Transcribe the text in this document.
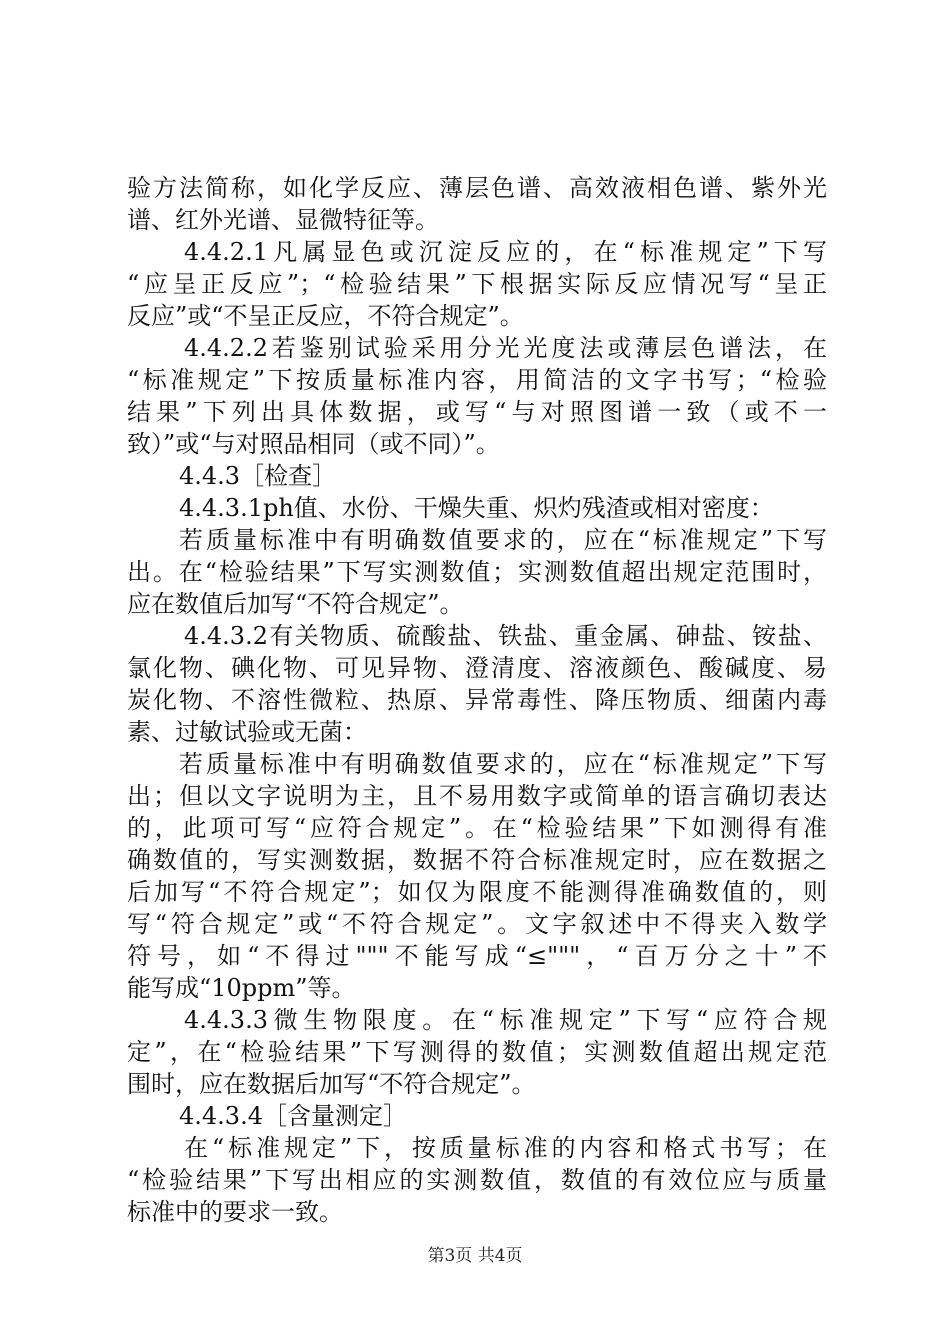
验方法简称，如化学反应、薄层色谱、高效液相色谱、紫外光
谱、红外光谱、显微特征等。
4.4.2.1凡属显色或沉淀反应的，在“标准规定”下写
“应呈正反应”；“检验结果”下根据实际反应情况写“呈正
反应”或“不呈正反应，不符合规定”。
4.4.2.2若鉴别试验采用分光光度法或薄层色谱法，在
“标准规定”下按质量标准内容，用简洁的文字书写；“检验
结果”下列出具体数据，或写“与对照图谱一致（或不一
致）”或“与对照品相同（或不同）”。
4.4.3［检查］
4.4.3.1ph值、水份、干燥失重、炽灼残渣或相对密度：
若质量标准中有明确数值要求的，应在“标准规定”下写
出。在“检验结果”下写实测数值；实测数值超出规定范围时，
应在数值后加写“不符合规定”。
4.4.3.2有关物质、硫酸盐、铁盐、重金属、砷盐、铵盐、
氯化物、碘化物、可见异物、澄清度、溶液颜色、酸碱度、易
炭化物、不溶性微粒、热原、异常毒性、降压物质、细菌内毒
素、过敏试验或无菌：
若质量标准中有明确数值要求的，应在“标准规定”下写
出；但以文字说明为主，且不易用数字或简单的语言确切表达
的，此项可写“应符合规定”。在“检验结果”下如测得有准
确数值的，写实测数据，数据不符合标准规定时，应在数据之
后加写“不符合规定”；如仅为限度不能测得准确数值的，则
写“符合规定”或“不符合规定”。文字叙述中不得夹入数学
符号，如“不得过"""不能写成“≤"""，“百万分之十”不
能写成“10ppm”等。
4.4.3.3微生物限度。在“标准规定”下写“应符合规
定”，在“检验结果”下写测得的数值；实测数值超出规定范
围时，应在数据后加写“不符合规定”。
4.4.3.4［含量测定］
在“标准规定”下，按质量标准的内容和格式书写；在
“检验结果”下写出相应的实测数值，数值的有效位应与质量
标准中的要求一致。
第3页 共4页
